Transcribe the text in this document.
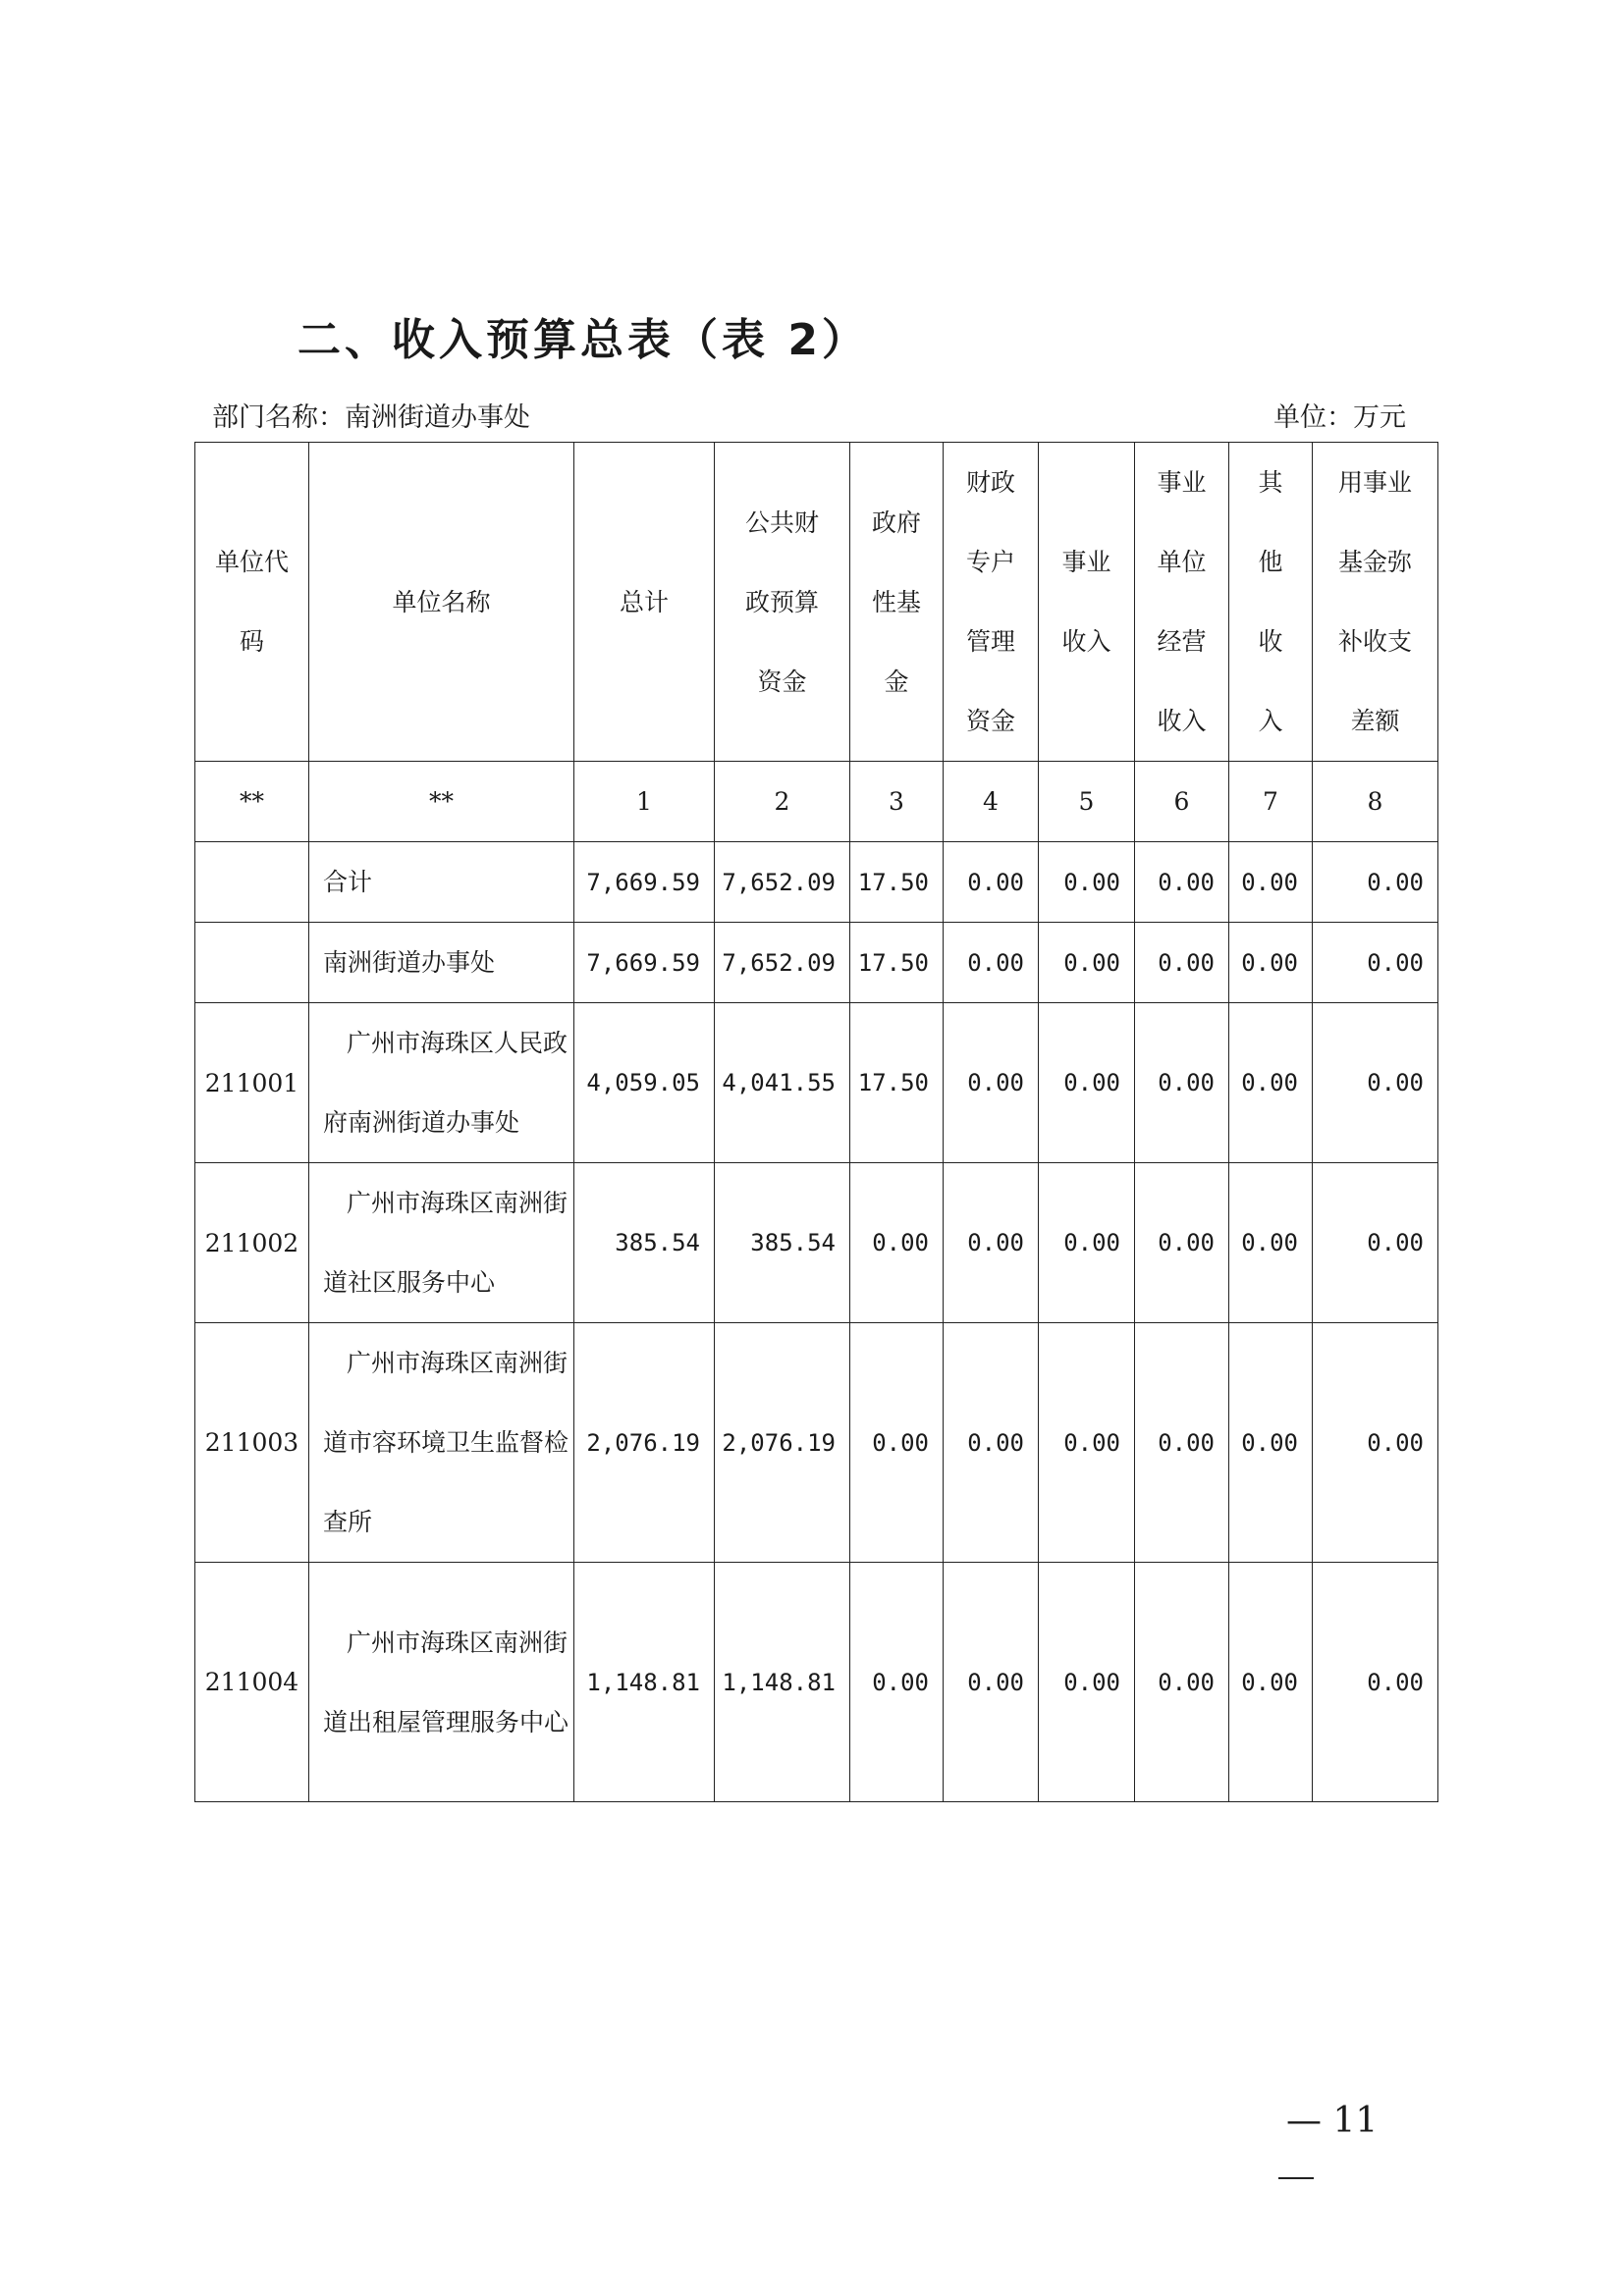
二、收入预算总表（表 2）
部门名称：南洲街道办事处	单位：万元
单位代码	单位名称	总计	公共财政预算资金	政府性基金	财政专户管理资金	事业收入	事业单位经营收入	其他收入	用事业基金弥补收支差额

**	**	1	2	3	4	5	6	7	8
	合计	7,669.59	7,652.09	17.50	0.00	0.00	0.00	0.00	0.00
	南洲街道办事处	7,669.59	7,652.09	17.50	0.00	0.00	0.00	0.00	0.00
211001	广州市海珠区人民政府南洲街道办事处	4,059.05	4,041.55	17.50	0.00	0.00	0.00	0.00	0.00
211002	广州市海珠区南洲街道社区服务中心	385.54	385.54	0.00	0.00	0.00	0.00	0.00	0.00
211003	广州市海珠区南洲街道市容环境卫生监督检查所	2,076.19	2,076.19	0.00	0.00	0.00	0.00	0.00	0.00
211004	广州市海珠区南洲街道出租屋管理服务中心	1,148.81	1,148.81	0.00	0.00	0.00	0.00	0.00	0.00
— 11
